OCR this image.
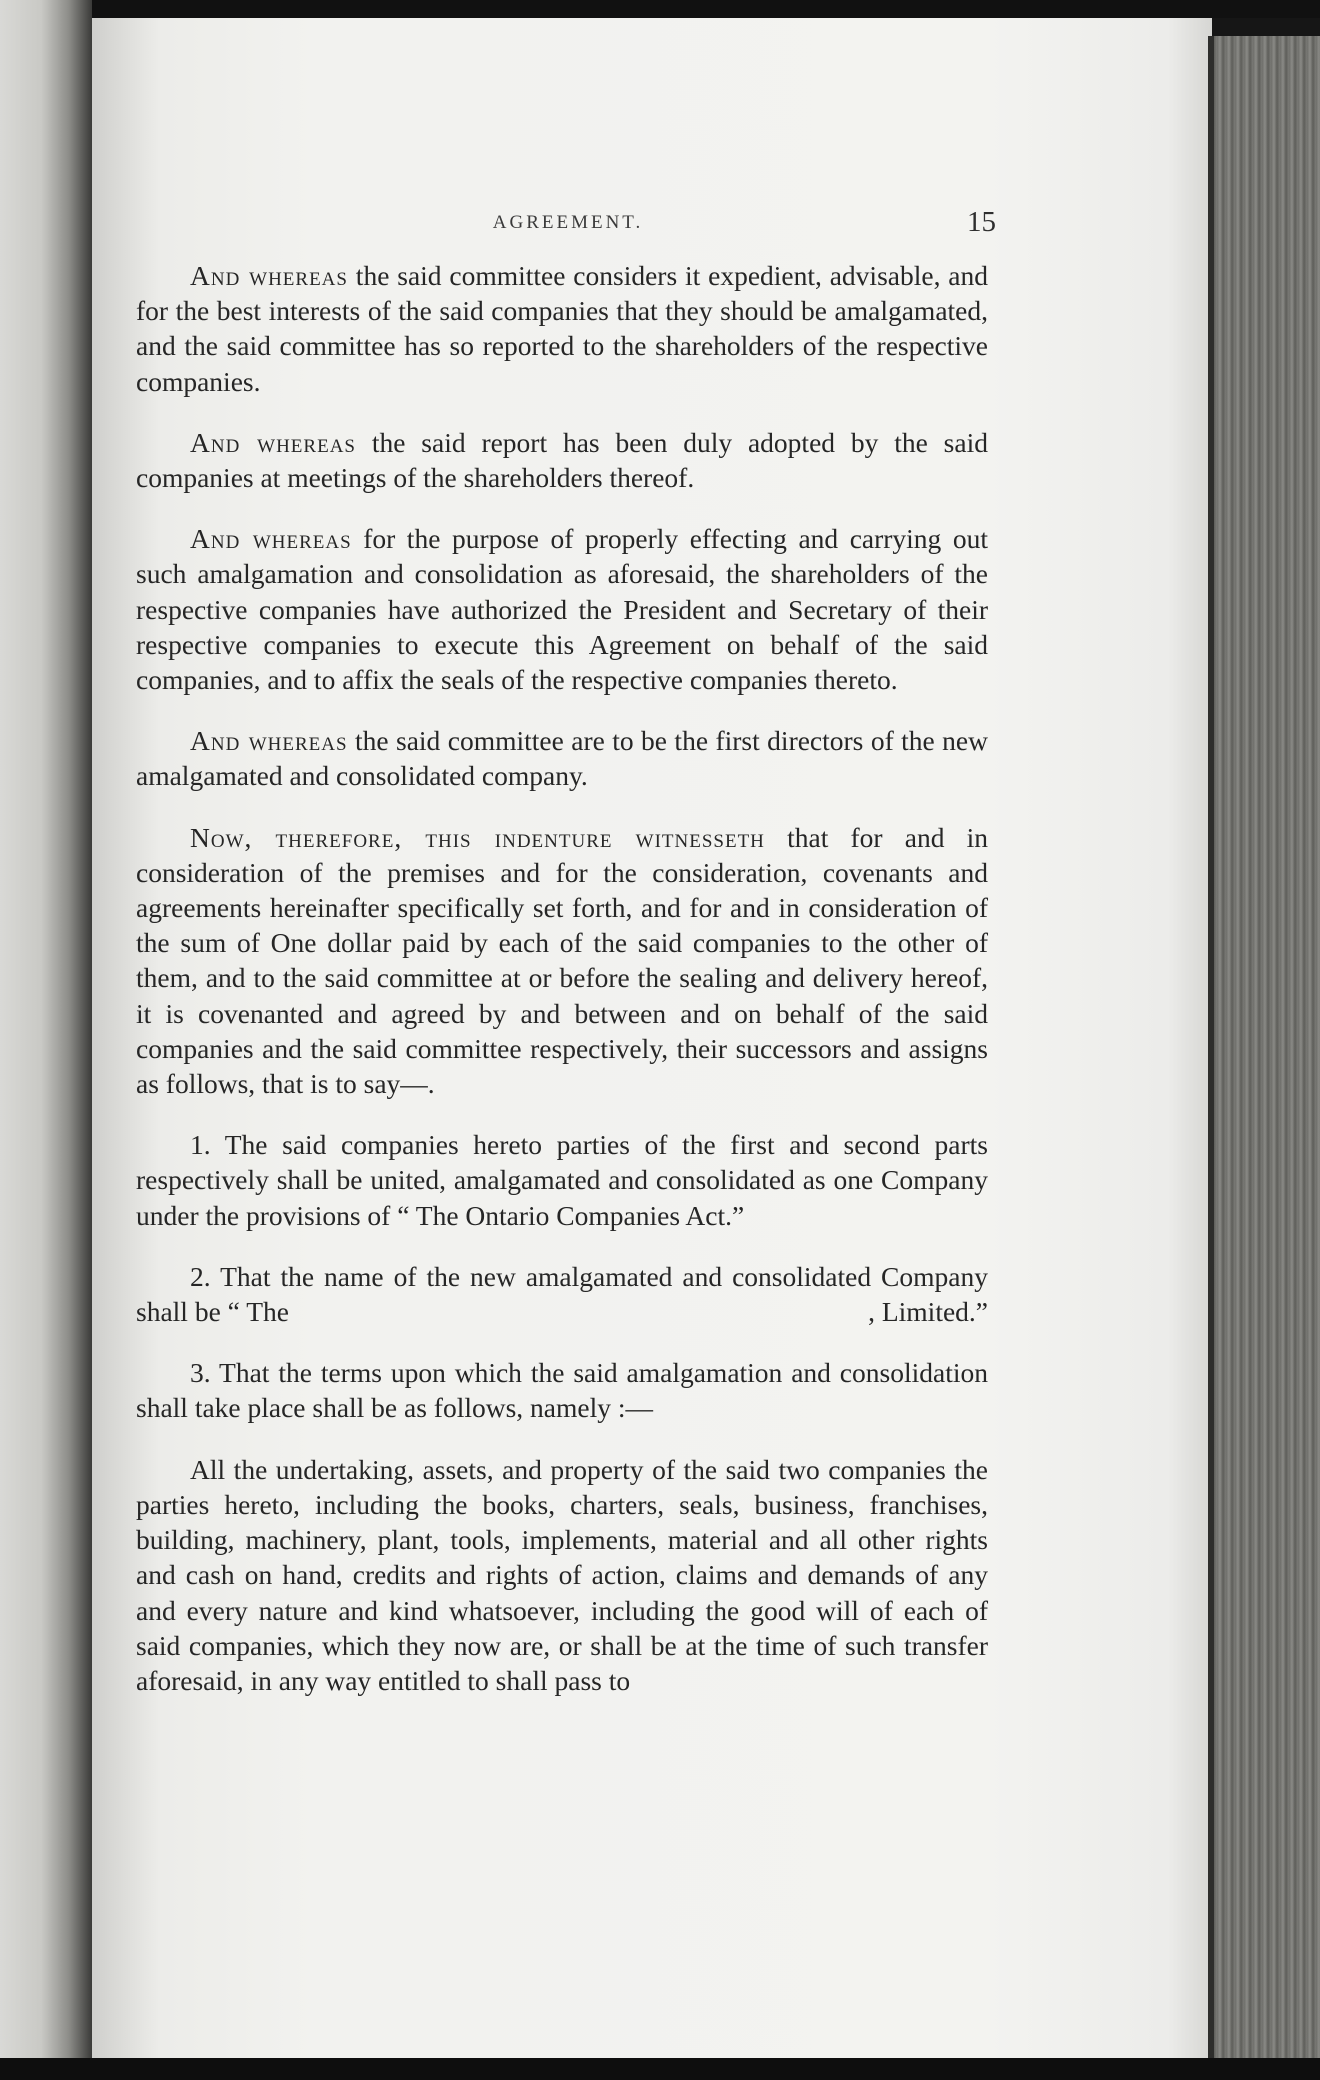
AGREEMENT.	15

And whereas the said committee considers it expedient, advisable, and for the best interests of the said companies that they should be amalgamated, and the said committee has so reported to the shareholders of the respective companies.

And whereas the said report has been duly adopted by the said companies at meetings of the shareholders thereof.

And whereas for the purpose of properly effecting and carrying out such amalgamation and consolidation as aforesaid, the shareholders of the respective companies have authorized the President and Secretary of their respective companies to execute this Agreement on behalf of the said companies, and to affix the seals of the respective companies thereto.

And whereas the said committee are to be the first directors of the new amalgamated and consolidated company.

Now, therefore, this indenture witnesseth that for and in consideration of the premises and for the consideration, covenants and agreements hereinafter specifically set forth, and for and in consideration of the sum of One dollar paid by each of the said companies to the other of them, and to the said committee at or before the sealing and delivery hereof, it is covenanted and agreed by and between and on behalf of the said companies and the said committee respectively, their successors and assigns as follows, that is to say—.

1. The said companies hereto parties of the first and second parts respectively shall be united, amalgamated and consolidated as one Company under the provisions of “ The Ontario Companies Act.”

2. That the name of the new amalgamated and consolidated Company shall be “ The	, Limited.”

3. That the terms upon which the said amalgamation and consolidation shall take place shall be as follows, namely :—

All the undertaking, assets, and property of the said two companies the parties hereto, including the books, charters, seals, business, franchises, building, machinery, plant, tools, implements, material and all other rights and cash on hand, credits and rights of action, claims and demands of any and every nature and kind whatsoever, including the good will of each of said companies, which they now are, or shall be at the time of such transfer aforesaid, in any way entitled to shall pass to
